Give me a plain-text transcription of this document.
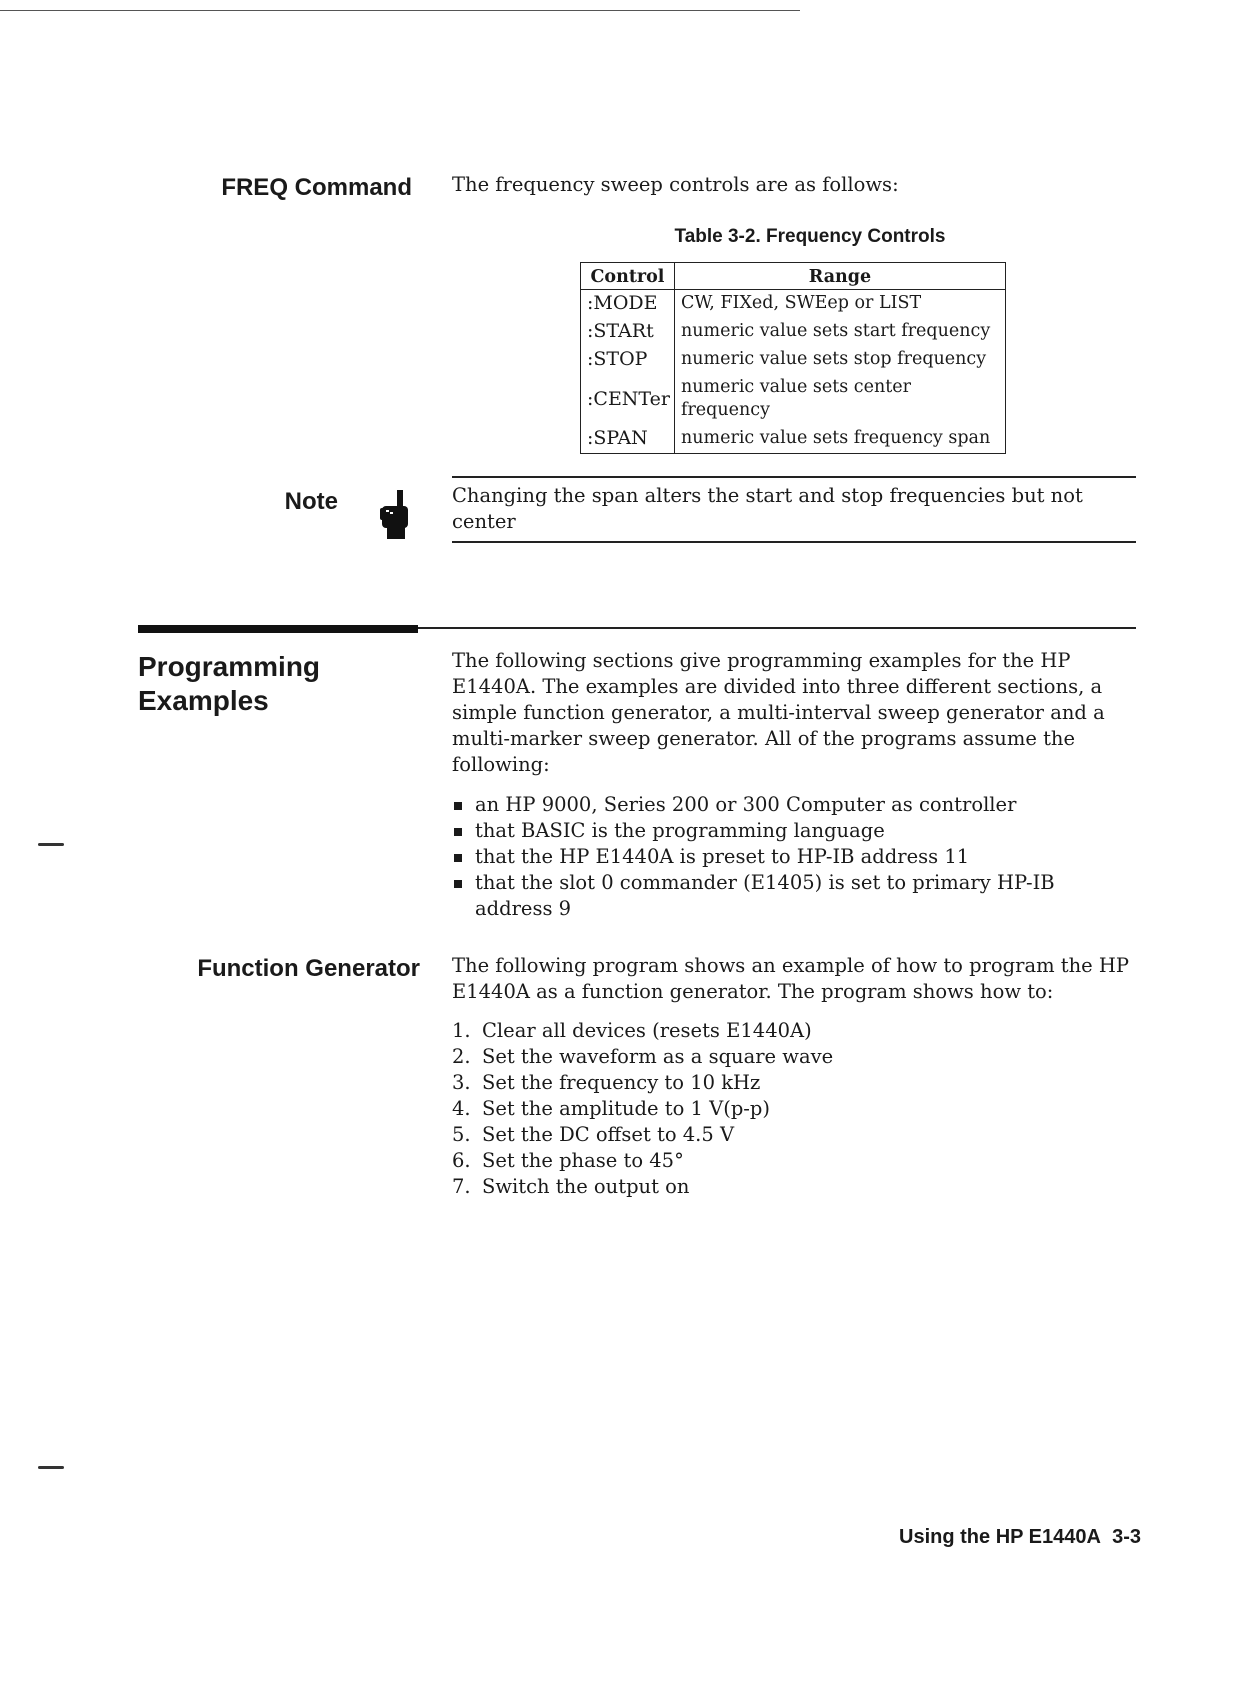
FREQ Command The frequency sweep controls are as follows:

Table 3-2. Frequency Controls
Control	Range
:MODE	CW, FIXed, SWEep or LIST
:STARt	numeric value sets start frequency
:STOP	numeric value sets stop frequency
:CENTer	numeric value sets center frequency
:SPAN	numeric value sets frequency span
Note	Changing the span alters the start and stop frequencies but not center

Programming
Examples

The following sections give programming examples for the HP E1440A. The examples are divided into three different sections, a simple function generator, a multi-interval sweep generator and a multi-marker sweep generator. All of the programs assume the following:

an HP 9000, Series 200 or 300 Computer as controller
that BASIC is the programming language
that the HP E1440A is preset to HP-IB address 11
that the slot 0 commander (E1405) is set to primary HP-IB address 9
Function Generator The following program shows an example of how to program the HP E1440A as a function generator. The program shows how to:

1. Clear all devices (resets E1440A)
2. Set the waveform as a square wave
3. Set the frequency to 10 kHz
4. Set the amplitude to 1 V(p-p)
5. Set the DC offset to 4.5 V
6. Set the phase to 45°
7. Switch the output on
Using the HP E1440A 3-3
